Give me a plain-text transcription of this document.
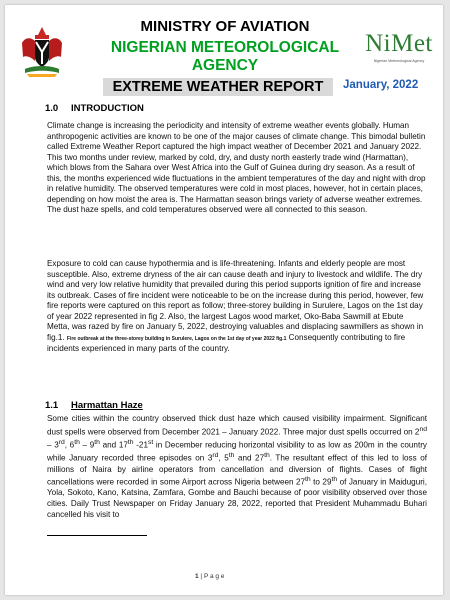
NiMet
Nigerian Meteorological Agency
MINISTRY OF AVIATION
NIGERIAN METEOROLOGICAL
AGENCY
EXTREME WEATHER REPORT	January, 2022
1.0 INTRODUCTION

Climate change is increasing the periodicity and intensity of extreme weather events globally. Human anthropogenic activities are known to be one of the major causes of climate change. This bimodal bulletin called Extreme Weather Report captured the high impact weather of December 2021 and January 2022. This two months under review, marked by cold, dry, and dusty north easterly trade wind (Harmattan), which blows from the Sahara over West Africa into the Gulf of Guinea during dry season. As a result of this, the months experienced wide fluctuations in the ambient temperatures of the day and night with drop in relative humidity. The observed temperatures were cold in most places, however, hot in certain places, depending on how moist the area is. The Harmattan season brings variety of adverse weather extremes. The dust haze spells, and cold temperatures observed were all connected to this season.

Exposure to cold can cause hypothermia and is life-threatening. Infants and elderly people are most susceptible. Also, extreme dryness of the air can cause death and injury to livestock and wildlife. The dry wind and very low relative humidity that prevailed during this period supports ignition of fire and increase its outbreak. Cases of fire incident were noticeable to be on the increase during this period, however, few fire reports were captured on this report as follow; three-storey building in Surulere, Lagos on the 1st day of year 2022 represented in fig 2. Also, the largest Lagos wood market, Oko-Baba Sawmill at Ebute Metta, was razed by fire on January 5, 2022, destroying valuables and displacing sawmillers as shown in fig.1. Fire outbreak at the three-storey building in Surulere, Lagos on the 1st day of year 2022 fig.1 Consequently contributing to fire incidents experienced in many parts of the country.

1.1 Harmattan Haze

Some cities within the country observed thick dust haze which caused visibility impairment. Significant dust spells were observed from December 2021 – January 2022. Three major dust spells occurred on 2nd – 3rd, 6th – 9th and 17th -21st in December reducing horizontal visibility to as low as 200m in the country while January recorded three episodes on 3rd, 5th and 27th. The resultant effect of this led to loss of millions of Naira by airline operators from cancellation and diversion of flights. Cases of flight cancellations were recorded in some Airport across Nigeria between 27th to 29th of January in Maiduguri, Yola, Sokoto, Kano, Katsina, Zamfara, Gombe and Bauchi because of poor visibility observed over those cities. Daily Trust Newspaper on Friday January 28, 2022, reported that President Muhammadu Buhari cancelled his visit to

1 | P a g e
